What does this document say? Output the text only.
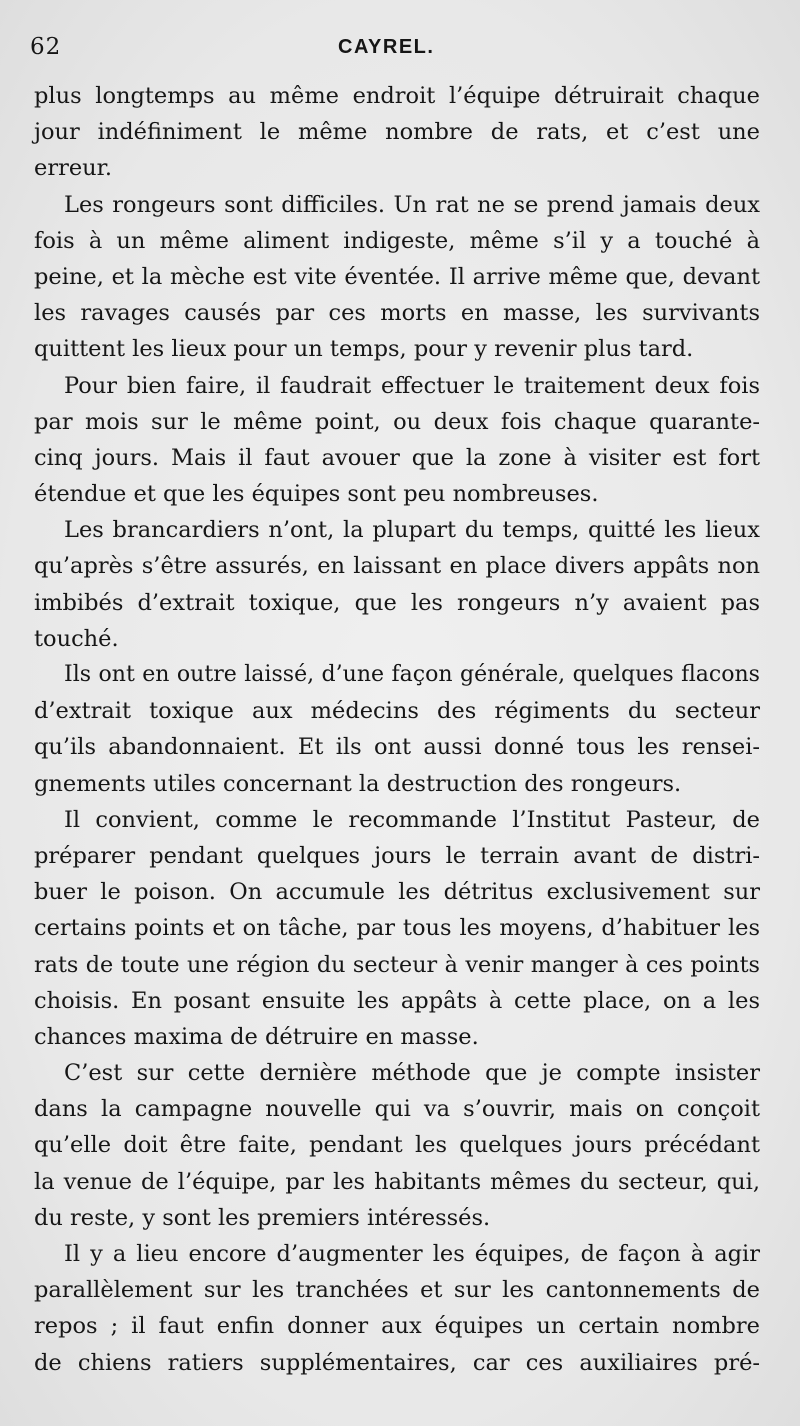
62	CAYREL.
plus longtemps au même endroit l’équipe détruirait chaque
jour indéfiniment le même nombre de rats, et c’est une
erreur.
Les rongeurs sont difficiles. Un rat ne se prend jamais deux
fois à un même aliment indigeste, même s’il y a touché à
peine, et la mèche est vite éventée. Il arrive même que, devant
les ravages causés par ces morts en masse, les survivants
quittent les lieux pour un temps, pour y revenir plus tard.
Pour bien faire, il faudrait effectuer le traitement deux fois
par mois sur le même point, ou deux fois chaque quarante-
cinq jours. Mais il faut avouer que la zone à visiter est fort
étendue et que les équipes sont peu nombreuses.
Les brancardiers n’ont, la plupart du temps, quitté les lieux
qu’après s’être assurés, en laissant en place divers appâts non
imbibés d’extrait toxique, que les rongeurs n’y avaient pas
touché.
Ils ont en outre laissé, d’une façon générale, quelques flacons
d’extrait toxique aux médecins des régiments du secteur
qu’ils abandonnaient. Et ils ont aussi donné tous les rensei-
gnements utiles concernant la destruction des rongeurs.
Il convient, comme le recommande l’Institut Pasteur, de
préparer pendant quelques jours le terrain avant de distri-
buer le poison. On accumule les détritus exclusivement sur
certains points et on tâche, par tous les moyens, d’habituer les
rats de toute une région du secteur à venir manger à ces points
choisis. En posant ensuite les appâts à cette place, on a les
chances maxima de détruire en masse.
C’est sur cette dernière méthode que je compte insister
dans la campagne nouvelle qui va s’ouvrir, mais on conçoit
qu’elle doit être faite, pendant les quelques jours précédant
la venue de l’équipe, par les habitants mêmes du secteur, qui,
du reste, y sont les premiers intéressés.
Il y a lieu encore d’augmenter les équipes, de façon à agir
parallèlement sur les tranchées et sur les cantonnements de
repos ; il faut enfin donner aux équipes un certain nombre
de chiens ratiers supplémentaires, car ces auxiliaires pré-
